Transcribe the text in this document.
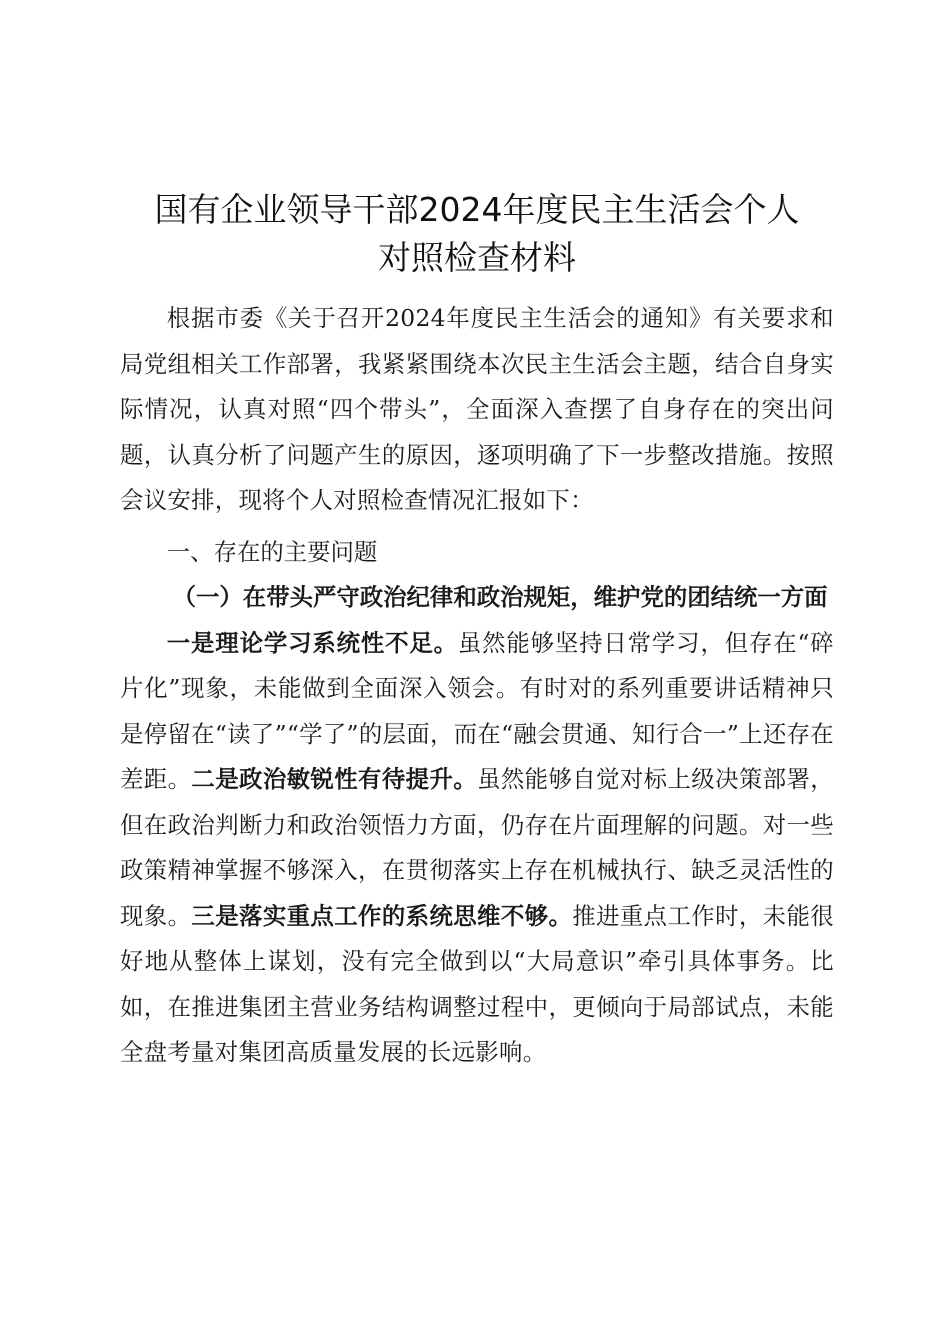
国有企业领导干部2024年度民主生活会个人
对照检查材料

根据市委《关于召开2024年度民主生活会的通知》有关要求和局党组相关工作部署，我紧紧围绕本次民主生活会主题，结合自身实际情况，认真对照“四个带头”，全面深入查摆了自身存在的突出问题，认真分析了问题产生的原因，逐项明确了下一步整改措施。按照会议安排，现将个人对照检查情况汇报如下：

一、存在的主要问题

（一）在带头严守政治纪律和政治规矩，维护党的团结统一方面

一是理论学习系统性不足。虽然能够坚持日常学习，但存在“碎片化”现象，未能做到全面深入领会。有时对的系列重要讲话精神只是停留在“读了”“学了”的层面，而在“融会贯通、知行合一”上还存在差距。二是政治敏锐性有待提升。虽然能够自觉对标上级决策部署，但在政治判断力和政治领悟力方面，仍存在片面理解的问题。对一些政策精神掌握不够深入，在贯彻落实上存在机械执行、缺乏灵活性的现象。三是落实重点工作的系统思维不够。推进重点工作时，未能很好地从整体上谋划，没有完全做到以“大局意识”牵引具体事务。比如，在推进集团主营业务结构调整过程中，更倾向于局部试点，未能全盘考量对集团高质量发展的长远影响。
